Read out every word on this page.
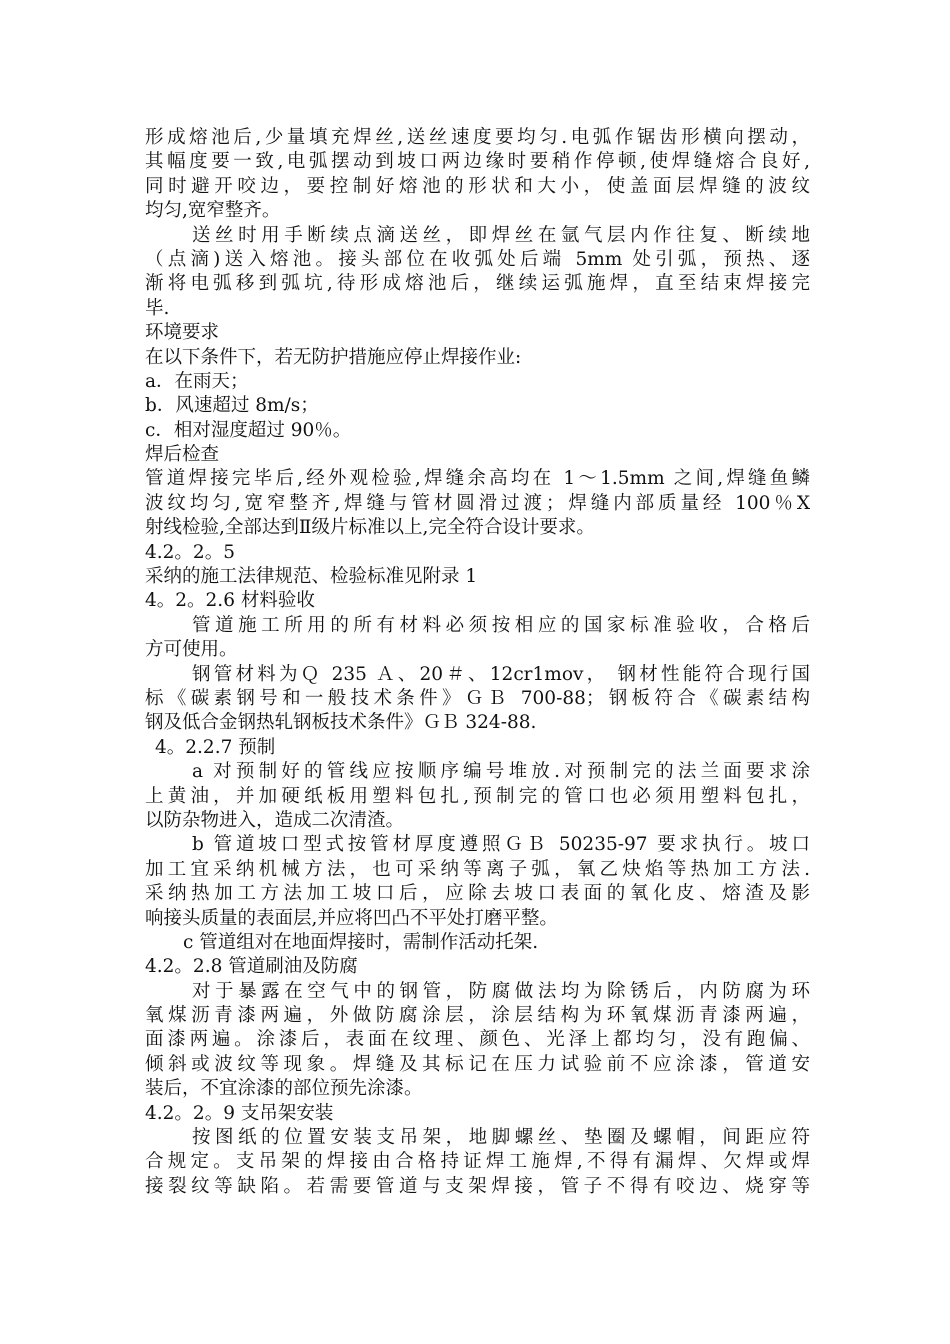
形成熔池后,少量填充焊丝,送丝速度要均匀.电弧作锯齿形横向摆动，
其幅度要一致,电弧摆动到坡口两边缘时要稍作停顿,使焊缝熔合良好,
同时避开咬边，要控制好熔池的形状和大小，使盖面层焊缝的波纹
均匀,宽窄整齐。
送丝时用手断续点滴送丝，即焊丝在氩气层内作往复、断续地
（点滴)送入熔池。接头部位在收弧处后端 5mm 处引弧，预热、逐
渐将电弧移到弧坑,待形成熔池后，继续运弧施焊，直至结束焊接完
毕.
环境要求
在以下条件下，若无防护措施应停止焊接作业:
a．在雨天；
b．风速超过 8m/s；
c．相对湿度超过 90％。
焊后检查
管道焊接完毕后,经外观检验,焊缝余高均在 1～1.5mm 之间,焊缝鱼鳞
波纹均匀,宽窄整齐,焊缝与管材圆滑过渡；焊缝内部质量经 100％X
射线检验,全部达到Ⅱ级片标准以上,完全符合设计要求。
4.2。2。5
采纳的施工法律规范、检验标准见附录 1
4。2。2.6 材料验收
管道施工所用的所有材料必须按相应的国家标准验收，合格后
方可使用。
钢管材料为Ｑ 235 Ａ、20＃、12cr1mov， 钢材性能符合现行国
标《碳素钢号和一般技术条件》ＧＢ 700-88；钢板符合《碳素结构
钢及低合金钢热轧钢板技术条件》ＧＢ 324-88.
4。2.2.7 预制
a 对预制好的管线应按顺序编号堆放.对预制完的法兰面要求涂
上黄油，并加硬纸板用塑料包扎,预制完的管口也必须用塑料包扎，
以防杂物进入，造成二次清渣。
b 管道坡口型式按管材厚度遵照ＧＢ 50235-97 要求执行。坡口
加工宜采纳机械方法，也可采纳等离子弧，氧乙炔焰等热加工方法.
采纳热加工方法加工坡口后，应除去坡口表面的氧化皮、熔渣及影
响接头质量的表面层,并应将凹凸不平处打磨平整。
c 管道组对在地面焊接时，需制作活动托架.
4.2。2.8 管道刷油及防腐
对于暴露在空气中的钢管，防腐做法均为除锈后，内防腐为环
氧煤沥青漆两遍，外做防腐涂层，涂层结构为环氧煤沥青漆两遍，
面漆两遍。涂漆后，表面在纹理、颜色、光泽上都均匀，没有跑偏、
倾斜或波纹等现象。焊缝及其标记在压力试验前不应涂漆，管道安
装后，不宜涂漆的部位预先涂漆。
4.2。2。9 支吊架安装
按图纸的位置安装支吊架，地脚螺丝、垫圈及螺帽，间距应符
合规定。支吊架的焊接由合格持证焊工施焊,不得有漏焊、欠焊或焊
接裂纹等缺陷。若需要管道与支架焊接，管子不得有咬边、烧穿等
